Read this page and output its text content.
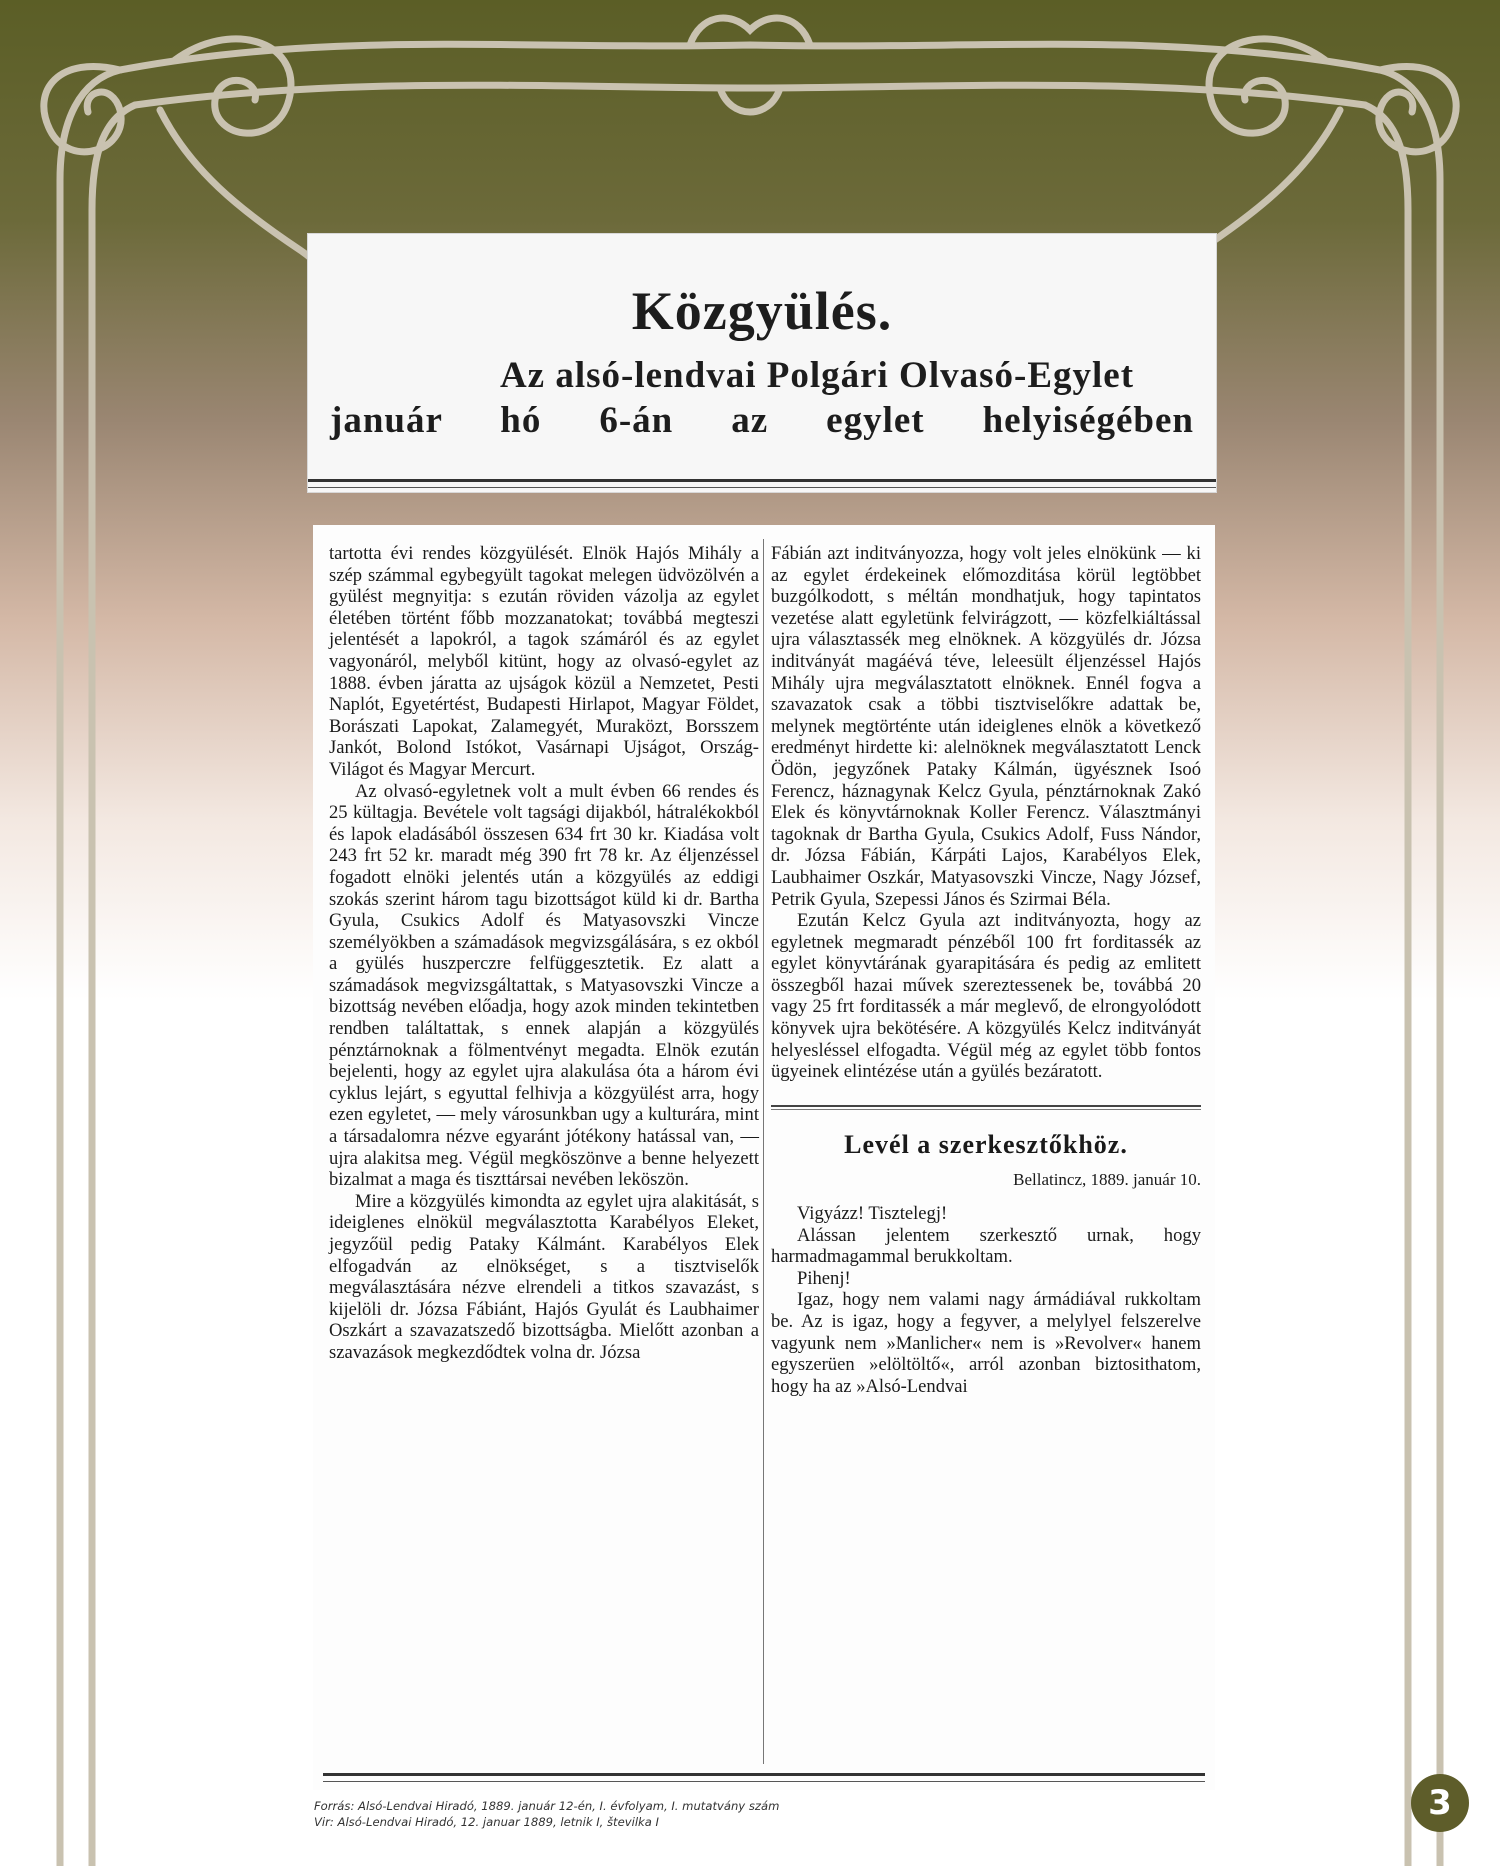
Közgyülés.
Az alsó-lendvai Polgári Olvasó-Egylet
január hó 6-án az egylet helyiségében

tartotta évi rendes közgyülését. Elnök Hajós Mihály a szép számmal egybegyült tagokat melegen üdvözölvén a gyülést megnyitja: s ezután röviden vázolja az egylet életében történt főbb mozzanatokat; továbbá megteszi jelentését a lapokról, a tagok számáról és az egylet vagyonáról, melyből kitünt, hogy az olvasó-egylet az 1888. évben járatta az ujságok közül a Nemzetet, Pesti Naplót, Egyetértést, Budapesti Hirlapot, Magyar Földet, Borászati Lapokat, Zalamegyét, Muraközt, Borsszem Jankót, Bolond Istókot, Vasárnapi Ujságot, Ország-Világot és Magyar Mercurt.

Az olvasó-egyletnek volt a mult évben 66 rendes és 25 kültagja. Bevétele volt tagsági dijakból, hátralékokból és lapok eladásából összesen 634 frt 30 kr. Kiadása volt 243 frt 52 kr. maradt még 390 frt 78 kr. Az éljenzéssel fogadott elnöki jelentés után a közgyülés az eddigi szokás szerint három tagu bizottságot küld ki dr. Bartha Gyula, Csukics Adolf és Matyasovszki Vincze személyökben a számadások megvizsgálására, s ez okból a gyülés huszperczre felfüggesztetik. Ez alatt a számadások megvizsgáltattak, s Matyasovszki Vincze a bizottság nevében előadja, hogy azok minden tekintetben rendben találtattak, s ennek alapján a közgyülés pénztárnoknak a fölmentvényt megadta. Elnök ezután bejelenti, hogy az egylet ujra alakulása óta a három évi cyklus lejárt, s egyuttal felhivja a közgyülést arra, hogy ezen egyletet, — mely városunkban ugy a kulturára, mint a társadalomra nézve egyaránt jótékony hatással van, — ujra alakitsa meg. Végül megköszönve a benne helyezett bizalmat a maga és tiszttársai nevében leköszön.

Mire a közgyülés kimondta az egylet ujra alakitását, s ideiglenes elnökül megválasztotta Karabélyos Eleket, jegyzőül pedig Pataky Kálmánt. Karabélyos Elek elfogadván az elnökséget, s a tisztviselők megválasztására nézve elrendeli a titkos szavazást, s kijelöli dr. Józsa Fábiánt, Hajós Gyulát és Laubhaimer Oszkárt a szavazatszedő bizottságba. Mielőtt azonban a szavazások megkezdődtek volna dr. Józsa

Fábián azt inditványozza, hogy volt jeles elnökünk — ki az egylet érdekeinek előmozditása körül legtöbbet buzgólkodott, s méltán mondhatjuk, hogy tapintatos vezetése alatt egyletünk felvirágzott, — közfelkiáltással ujra választassék meg elnöknek. A közgyülés dr. Józsa inditványát magáévá téve, leleesült éljenzéssel Hajós Mihály ujra megválasztatott elnöknek. Ennél fogva a szavazatok csak a többi tisztviselőkre adattak be, melynek megtörténte után ideiglenes elnök a következő eredményt hirdette ki: alelnöknek megválasztatott Lenck Ödön, jegyzőnek Pataky Kálmán, ügyésznek Isoó Ferencz, háznagynak Kelcz Gyula, pénztárnoknak Zakó Elek és könyvtárnoknak Koller Ferencz. Választmányi tagoknak dr Bartha Gyula, Csukics Adolf, Fuss Nándor, dr. Józsa Fábián, Kárpáti Lajos, Karabélyos Elek, Laubhaimer Oszkár, Matyasovszki Vincze, Nagy József, Petrik Gyula, Szepessi János és Szirmai Béla.

Ezután Kelcz Gyula azt inditványozta, hogy az egyletnek megmaradt pénzéből 100 frt forditassék az egylet könyvtárának gyarapitására és pedig az emlitett összegből hazai művek szereztessenek be, továbbá 20 vagy 25 frt forditassék a már meglevő, de elrongyolódott könyvek ujra bekötésére. A közgyülés Kelcz inditványát helyesléssel elfogadta. Végül még az egylet több fontos ügyeinek elintézése után a gyülés bezáratott.

Levél a szerkesztőkhöz.
Bellatincz, 1889. január 10.

Vigyázz! Tisztelegj!

Alássan jelentem szerkesztő urnak, hogy harmadmagammal berukkoltam.

Pihenj!

Igaz, hogy nem valami nagy ármádiával rukkoltam be. Az is igaz, hogy a fegyver, a melylyel felszerelve vagyunk nem »Manlicher« nem is »Revolver« hanem egyszerüen »elöltöltő«, arról azonban biztosithatom, hogy ha az »Alsó-Lendvai

Forrás: Alsó-Lendvai Hiradó, 1889. január 12-én, I. évfolyam, I. mutatvány szám
Vir: Alsó-Lendvai Hiradó, 12. januar 1889, letnik I, številka I	3
